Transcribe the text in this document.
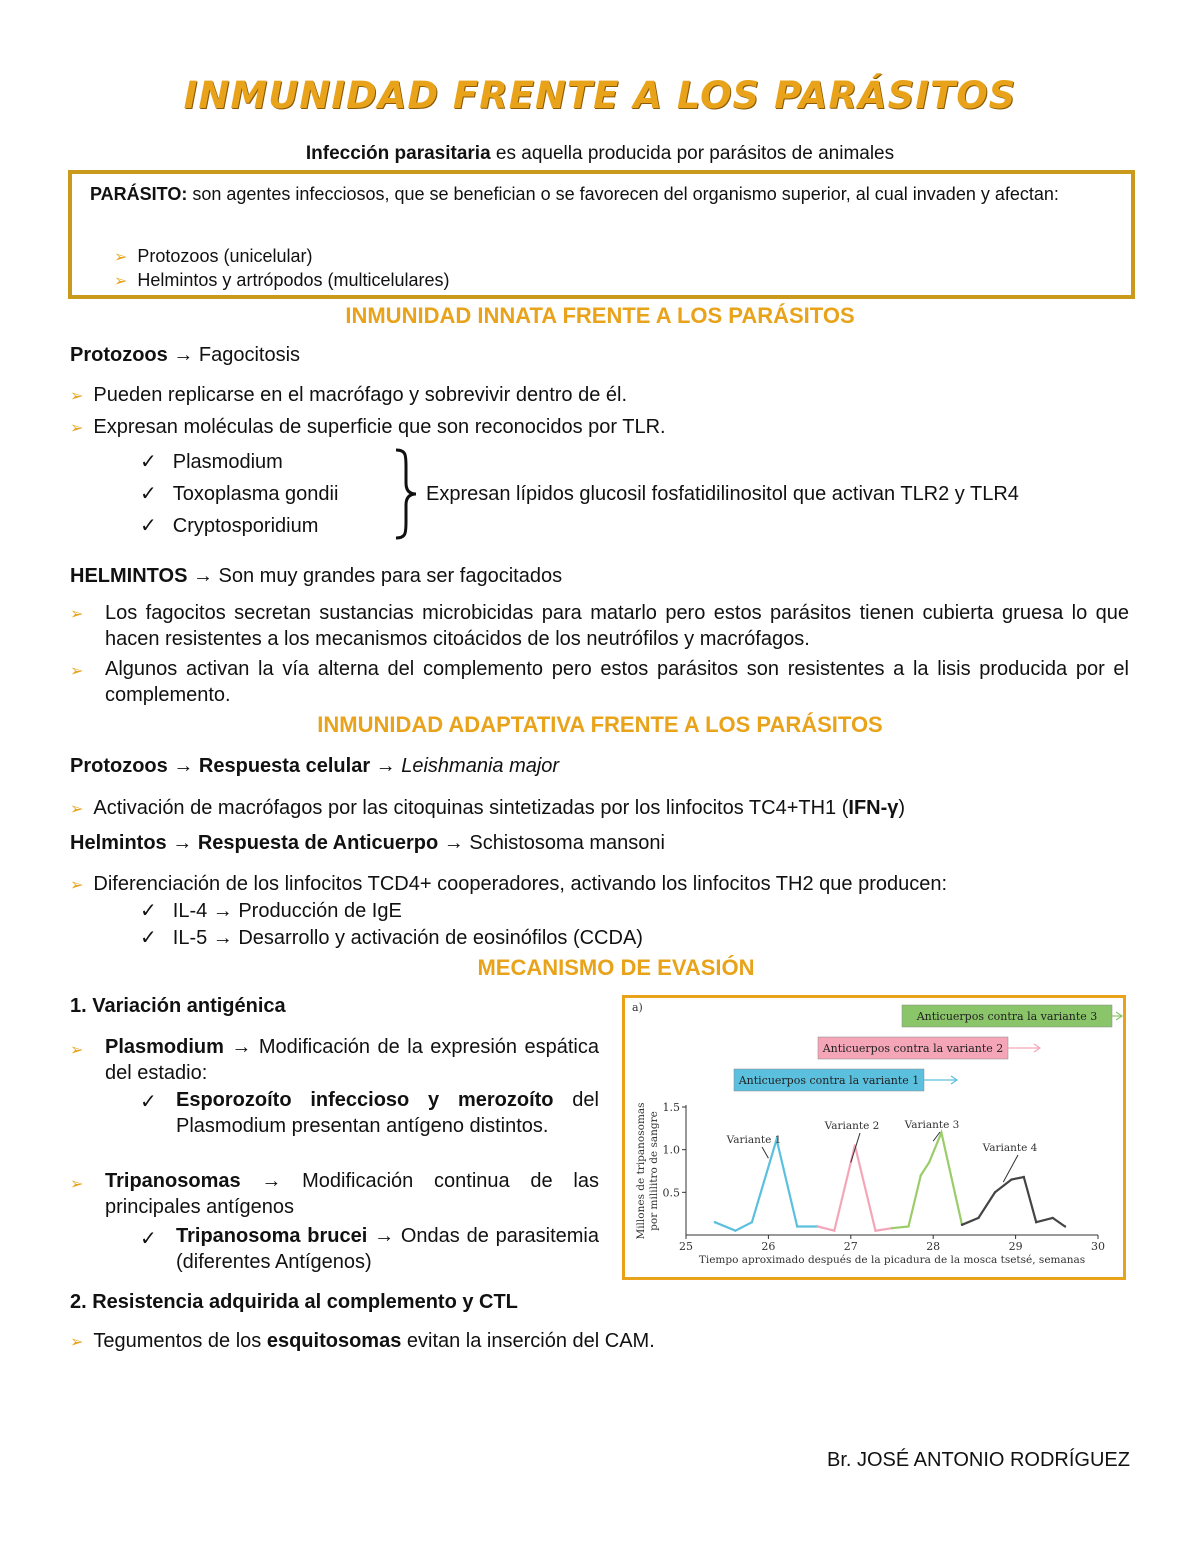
INMUNIDAD FRENTE A LOS PARÁSITOS
Infección parasitaria es aquella producida por parásitos de animales
PARÁSITO: son agentes infecciosos, que se benefician o se favorecen del organismo superior, al cual invaden y afectan:
➢ Protozoos (unicelular)
➢ Helmintos y artrópodos (multicelulares)
INMUNIDAD INNATA FRENTE A LOS PARÁSITOS
Protozoos → Fagocitosis
➢ Pueden replicarse en el macrófago y sobrevivir dentro de él.
➢ Expresan moléculas de superficie que son reconocidos por TLR.
✓ Plasmodium
✓ Toxoplasma gondii
✓ Cryptosporidium
Expresan lípidos glucosil fosfatidilinositol que activan TLR2 y TLR4
HELMINTOS → Son muy grandes para ser fagocitados
➢	Los fagocitos secretan sustancias microbicidas para matarlo pero estos parásitos tienen cubierta gruesa lo que hacen resistentes a los mecanismos citoácidos de los neutrófilos y macrófagos.
➢	Algunos activan la vía alterna del complemento pero estos parásitos son resistentes a la lisis producida por el complemento.
INMUNIDAD ADAPTATIVA FRENTE A LOS PARÁSITOS
Protozoos → Respuesta celular → Leishmania major
➢ Activación de macrófagos por las citoquinas sintetizadas por los linfocitos TC4+TH1 (IFN-γ)
Helmintos → Respuesta de Anticuerpo → Schistosoma mansoni
➢ Diferenciación de los linfocitos TCD4+ cooperadores, activando los linfocitos TH2 que producen:
✓ IL-4 → Producción de IgE
✓ IL-5 → Desarrollo y activación de eosinófilos (CCDA)
MECANISMO DE EVASIÓN
1. Variación antigénica
➢	Plasmodium → Modificación de la expresión espática del estadio:
✓ Esporozoíto infeccioso y merozoíto del Plasmodium presentan antígeno distintos.
➢	Tripanosomas → Modificación continua de las principales antígenos
✓ Tripanosoma brucei → Ondas de parasitemia (diferentes Antígenos)
2. Resistencia adquirida al complemento y CTL
➢ Tegumentos de los esquitosomas evitan la inserción del CAM.
a)
Anticuerpos contra la variante 3
Anticuerpos contra la variante 2
Anticuerpos contra la variante 1
25	26	27	28	29	30
0.5
1.0
1.5
Tiempo aproximado después de la picadura de la mosca tsetsé, semanas
Millones de tripanosomaspor mililitro de sangre	Variante 1
Variante 2 Variante 3
Variante 4
Br. JOSÉ ANTONIO RODRÍGUEZ
